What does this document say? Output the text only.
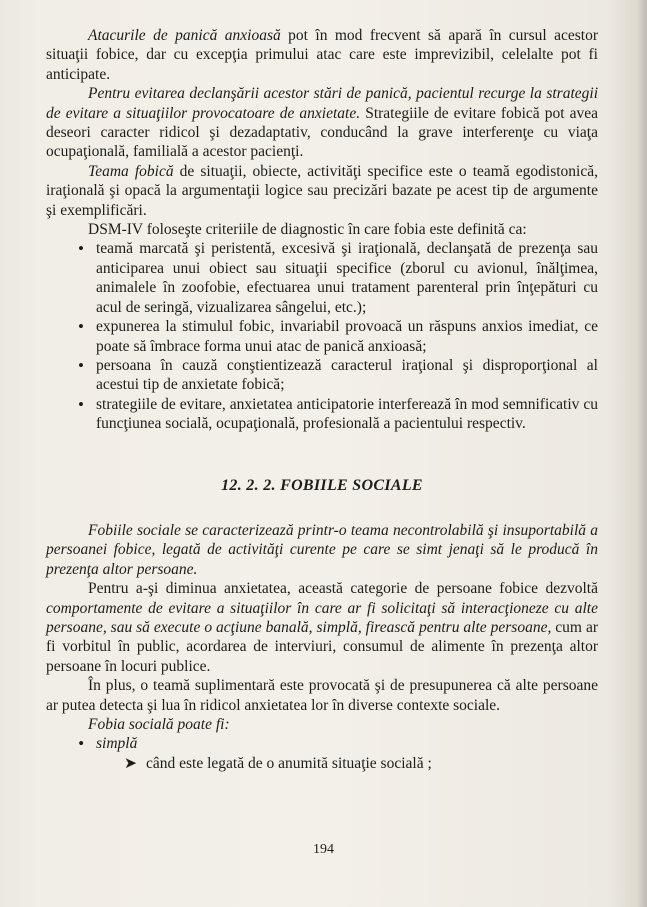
Atacurile de panică anxioasă pot în mod frecvent să apară în cursul acestor situaţii fobice, dar cu excepţia primului atac care este imprevizibil, celelalte pot fi anticipate.

Pentru evitarea declanşării acestor stări de panică, pacientul recurge la strategii de evitare a situaţiilor provocatoare de anxietate. Strategiile de evitare fobică pot avea deseori caracter ridicol şi dezadaptativ, conducând la grave interferenţe cu viaţa ocupaţională, familială a acestor pacienţi.

Teama fobică de situaţii, obiecte, activităţi specifice este o teamă egodistonică, iraţională şi opacă la argumentaţii logice sau precizări bazate pe acest tip de argumente şi exemplificări.

DSM-IV foloseşte criteriile de diagnostic în care fobia este definită ca:

• teamă marcată şi peristentă, excesivă şi iraţională, declanşată de prezenţa sau anticiparea unui obiect sau situaţii specifice (zborul cu avionul, înălţimea, animalele în zoofobie, efectuarea unui tratament parenteral prin înţepături cu acul de seringă, vizualizarea sângelui, etc.);
• expunerea la stimulul fobic, invariabil provoacă un răspuns anxios imediat, ce poate să îmbrace forma unui atac de panică anxioasă;
• persoana în cauză conştientizează caracterul iraţional şi disproporţional al acestui tip de anxietate fobică;
• strategiile de evitare, anxietatea anticipatorie interferează în mod semnificativ cu funcţiunea socială, ocupaţională, profesională a pacientului respectiv.
12. 2. 2. FOBIILE SOCIALE

Fobiile sociale se caracterizează printr-o teama necontrolabilă şi insuportabilă a persoanei fobice, legată de activităţi curente pe care se simt jenaţi să le producă în prezenţa altor persoane.

Pentru a-şi diminua anxietatea, această categorie de persoane fobice dezvoltă comportamente de evitare a situaţiilor în care ar fi solicitaţi să interacţioneze cu alte persoane, sau să execute o acţiune banală, simplă, firească pentru alte persoane, cum ar fi vorbitul în public, acordarea de interviuri, consumul de alimente în prezenţa altor persoane în locuri publice.

În plus, o teamă suplimentară este provocată şi de presupunerea că alte persoane ar putea detecta şi lua în ridicol anxietatea lor în diverse contexte sociale.

Fobia socială poate fi:

• simplă
➤ când este legată de o anumită situaţie socială ;
194
